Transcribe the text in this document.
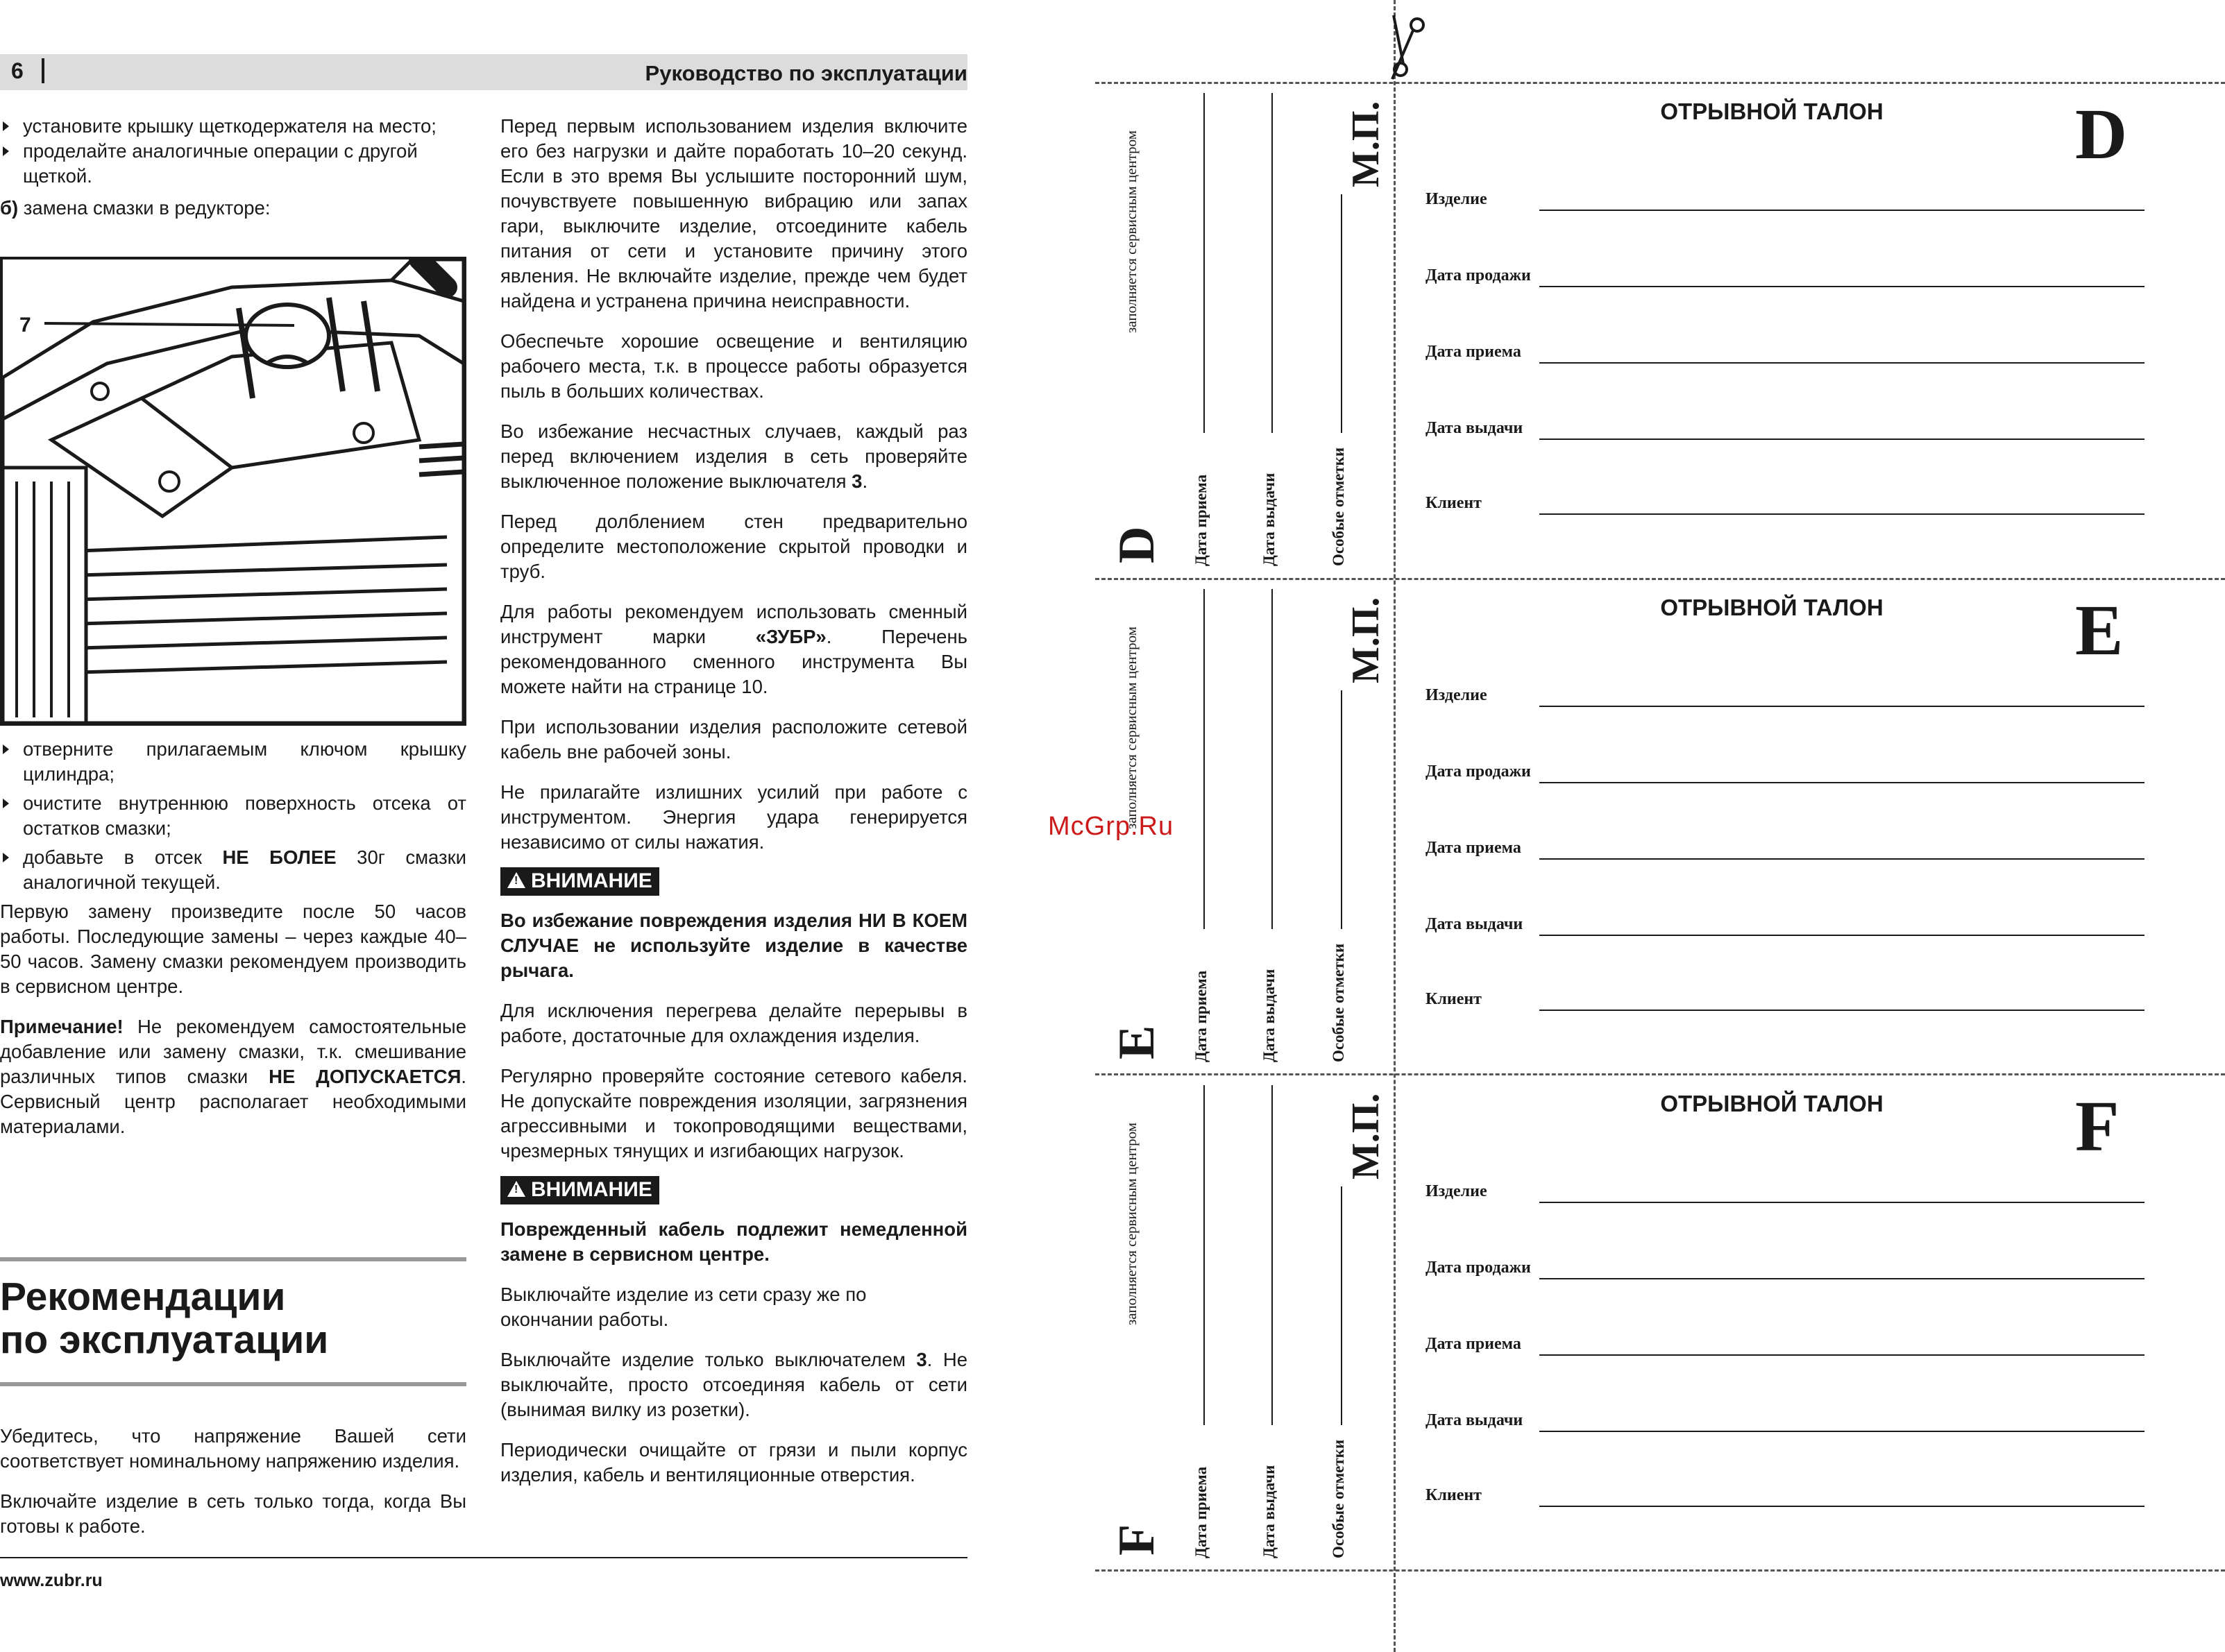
6	Руководство по эксплуатации

установите крышку щеткодержателя на место;

проделайте аналогичные операции с другой щеткой.

б) замена смазки в редукторе:

7

отверните прилагаемым ключом крышку цилиндра;

очистите внутреннюю поверхность отсека от остатков смазки;

добавьте в отсек НЕ БОЛЕЕ 30г смазки аналогичной текущей.

Первую замену произведите после 50 часов работы. Последующие замены – через каждые 40–50 часов. Замену смазки рекомендуем производить в сервисном центре.

Примечание! Не рекомендуем самостоятельные добавление или замену смазки, т.к. смешивание различных типов смазки НЕ ДОПУСКАЕТСЯ. Сервисный центр располагает необходимыми материалами.

Рекомендации
по эксплуатации

Убедитесь, что напряжение Вашей сети соответствует номинальному напряжению изделия.

Включайте изделие в сеть только тогда, когда Вы готовы к работе.

Перед первым использованием изделия включите его без нагрузки и дайте поработать 10–20 секунд. Если в это время Вы услышите посторонний шум, почувствуете повышенную вибрацию или запах гари, выключите изделие, отсоедините кабель питания от сети и установите причину этого явления. Не включайте изделие, прежде чем будет найдена и устранена причина неисправности.

Обеспечьте хорошие освещение и вентиляцию рабочего места, т.к. в процессе работы образуется пыль в больших количествах.

Во избежание несчастных случаев, каждый раз перед включением изделия в сеть проверяйте выключенное положение выключателя 3.

Перед долблением стен предварительно определите местоположение скрытой проводки и труб.

Для работы рекомендуем использовать сменный инструмент марки «ЗУБР». Перечень рекомендованного сменного инструмента Вы можете найти на странице 10.

При использовании изделия расположите сетевой кабель вне рабочей зоны.

Не прилагайте излишних усилий при работе с инструментом. Энергия удара генерируется независимо от силы нажатия.

!ВНИМАНИЕ

Во избежание повреждения изделия НИ В КОЕМ СЛУЧАЕ не используйте изделие в качестве рычага.

Для исключения перегрева делайте перерывы в работе, достаточные для охлаждения изделия.

Регулярно проверяйте состояние сетевого кабеля. Не допускайте повреждения изоляции, загрязнения агрессивными и токопроводящими веществами, чрезмерных тянущих и изгибающих нагрузок.

!ВНИМАНИЕ

Поврежденный кабель подлежит немедленной замене в сервисном центре.

Выключайте изделие из сети сразу же по окончании работы.

Выключайте изделие только выключателем 3. Не выключайте, просто отсоединяя кабель от сети (вынимая вилку из розетки).

Периодически очищайте от грязи и пыли корпус изделия, кабель и вентиляционные отверстия.

www.zubr.ru
McGrp.Ru
ОТРЫВНОЙ ТАЛОН	D
Изделие
Дата продажи
Дата приема
Дата выдачи
Клиент
заполняется сервисным центром
D Дата приема	Дата выдачи	Особые отметки
М.П.
ОТРЫВНОЙ ТАЛОН	E
Изделие
Дата продажи
Дата приема
Дата выдачи
Клиент
заполняется сервисным центром
E Дата приема	Дата выдачи	Особые отметки
М.П.
ОТРЫВНОЙ ТАЛОН	F
Изделие
Дата продажи
Дата приема
Дата выдачи
Клиент
заполняется сервисным центром
F Дата приема	Дата выдачи	Особые отметки
М.П.
